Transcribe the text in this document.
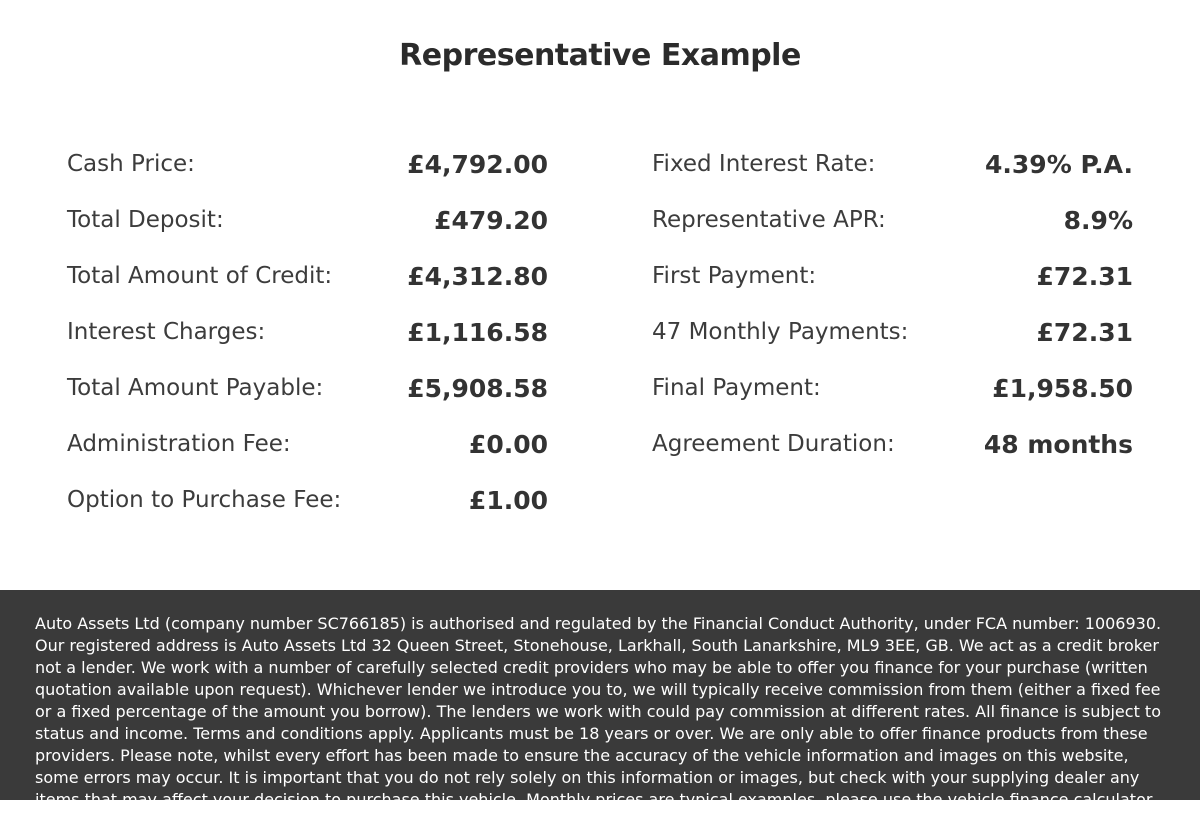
Representative Example
Cash Price:	£4,792.00
Total Deposit:	£479.20
Total Amount of Credit:	£4,312.80
Interest Charges:	£1,116.58
Total Amount Payable:	£5,908.58
Administration Fee:	£0.00
Option to Purchase Fee:	£1.00
Fixed Interest Rate:	4.39% P.A.
Representative APR:	8.9%
First Payment:	£72.31
47 Monthly Payments:	£72.31
Final Payment:	£1,958.50
Agreement Duration:	48 months

Auto Assets Ltd (company number SC766185) is authorised and regulated by the Financial Conduct Authority, under FCA number: 1006930. Our registered address is Auto Assets Ltd 32 Queen Street, Stonehouse, Larkhall, South Lanarkshire, ML9 3EE, GB. We act as a credit broker not a lender. We work with a number of carefully selected credit providers who may be able to offer you finance for your purchase (written quotation available upon request). Whichever lender we introduce you to, we will typically receive commission from them (either a fixed fee or a fixed percentage of the amount you borrow). The lenders we work with could pay commission at different rates. All finance is subject to status and income. Terms and conditions apply. Applicants must be 18 years or over. We are only able to offer finance products from these providers. Please note, whilst every effort has been made to ensure the accuracy of the vehicle information and images on this website, some errors may occur. It is important that you do not rely solely on this information or images, but check with your supplying dealer any items that may affect your decision to purchase this vehicle. Monthly prices are typical examples, please use the vehicle finance calculator to retrieve a quotation. Typical
